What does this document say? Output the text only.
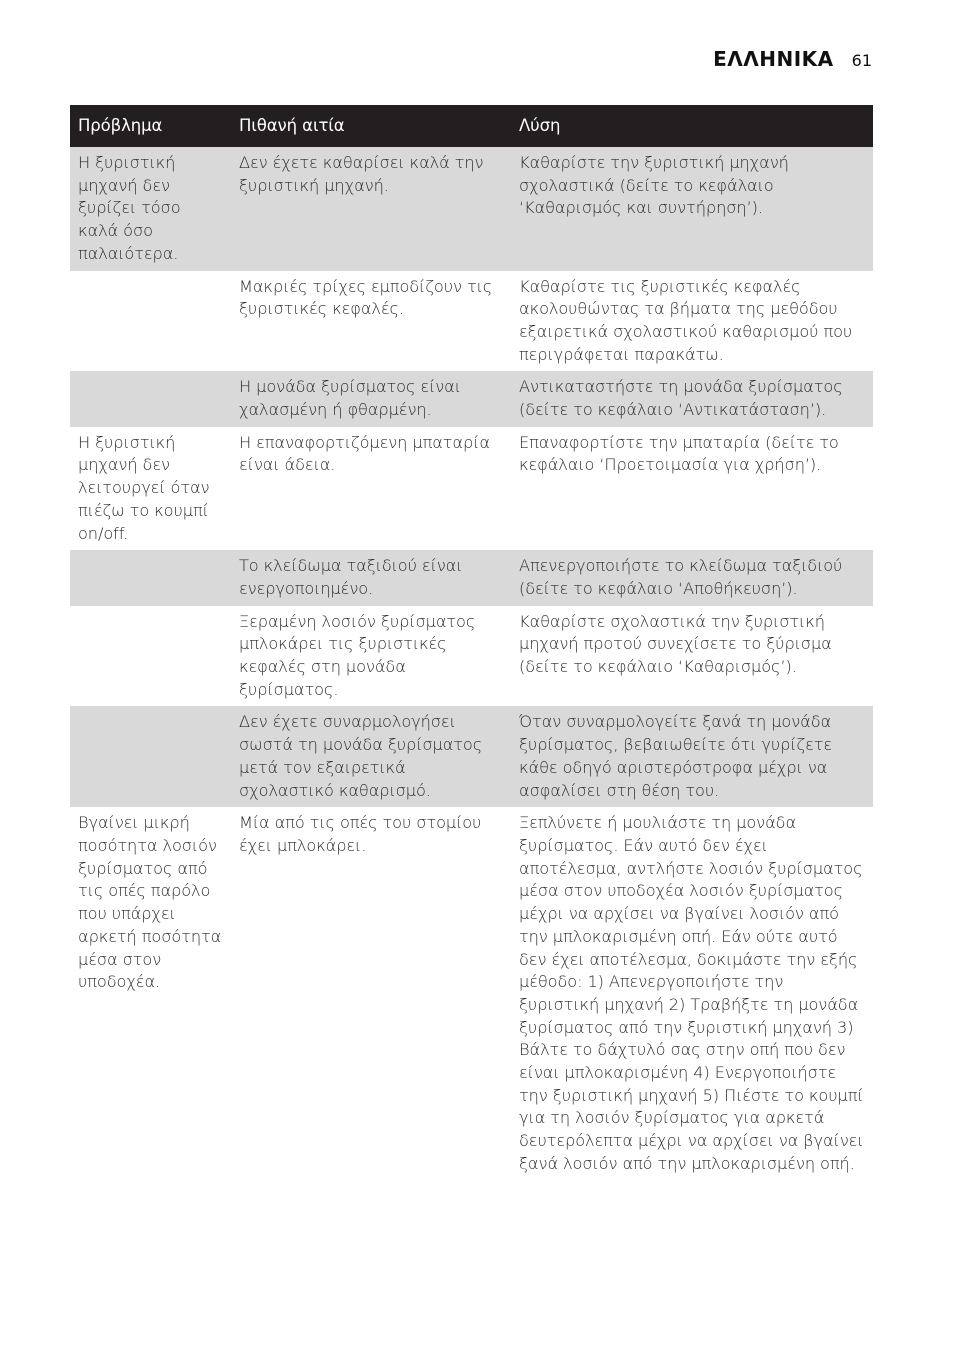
ΕΛΛΗΝΙΚΑ 61
Πρόβλημα	Πιθανή αιτία	Λύση
Η ξυριστική μηχανή δεν ξυρίζει τόσο καλά όσο παλαιότερα.	Δεν έχετε καθαρίσει καλά την ξυριστική μηχανή.	Καθαρίστε την ξυριστική μηχανή σχολαστικά (δείτε το κεφάλαιο ‘Καθαρισμός και συντήρηση’).
	Μακριές τρίχες εμποδίζουν τις ξυριστικές κεφαλές.	Καθαρίστε τις ξυριστικές κεφαλές ακολουθώντας τα βήματα της μεθόδου εξαιρετικά σχολαστικού καθαρισμού που περιγράφεται παρακάτω.
	Η μονάδα ξυρίσματος είναι χαλασμένη ή φθαρμένη.	Αντικαταστήστε τη μονάδα ξυρίσματος (δείτε το κεφάλαιο ‘Αντικατάσταση’).
Η ξυριστική μηχανή δεν λειτουργεί όταν πιέζω το κουμπί on/off.	Η επαναφορτιζόμενη μπαταρία είναι άδεια.	Επαναφορτίστε την μπαταρία (δείτε το κεφάλαιο ‘Προετοιμασία για χρήση’).
	Το κλείδωμα ταξιδιού είναι ενεργοποιημένο.	Απενεργοποιήστε το κλείδωμα ταξιδιού (δείτε το κεφάλαιο ‘Αποθήκευση’).
	Ξεραμένη λοσιόν ξυρίσματος μπλοκάρει τις ξυριστικές κεφαλές στη μονάδα ξυρίσματος.	Καθαρίστε σχολαστικά την ξυριστική μηχανή προτού συνεχίσετε το ξύρισμα (δείτε το κεφάλαιο ‘Καθαρισμός’).
	Δεν έχετε συναρμολογήσει σωστά τη μονάδα ξυρίσματος μετά τον εξαιρετικά σχολαστικό καθαρισμό.	Όταν συναρμολογείτε ξανά τη μονάδα ξυρίσματος, βεβαιωθείτε ότι γυρίζετε κάθε οδηγό αριστερόστροφα μέχρι να ασφαλίσει στη θέση του.
Βγαίνει μικρή ποσότητα λοσιόν ξυρίσματος από τις οπές παρόλο που υπάρχει αρκετή ποσότητα μέσα στον υποδοχέα.	Μία από τις οπές του στομίου έχει μπλοκάρει.	Ξεπλύνετε ή μουλιάστε τη μονάδα ξυρίσματος. Εάν αυτό δεν έχει αποτέλεσμα, αντλήστε λοσιόν ξυρίσματος μέσα στον υποδοχέα λοσιόν ξυρίσματος μέχρι να αρχίσει να βγαίνει λοσιόν από την μπλοκαρισμένη οπή. Εάν ούτε αυτό δεν έχει αποτέλεσμα, δοκιμάστε την εξής μέθοδο: 1) Απενεργοποιήστε την ξυριστική μηχανή 2) Τραβήξτε τη μονάδα ξυρίσματος από την ξυριστική μηχανή 3) Βάλτε το δάχτυλό σας στην οπή που δεν είναι μπλοκαρισμένη 4) Ενεργοποιήστε την ξυριστική μηχανή 5) Πιέστε το κουμπί για τη λοσιόν ξυρίσματος για αρκετά δευτερόλεπτα μέχρι να αρχίσει να βγαίνει ξανά λοσιόν από την μπλοκαρισμένη οπή.
